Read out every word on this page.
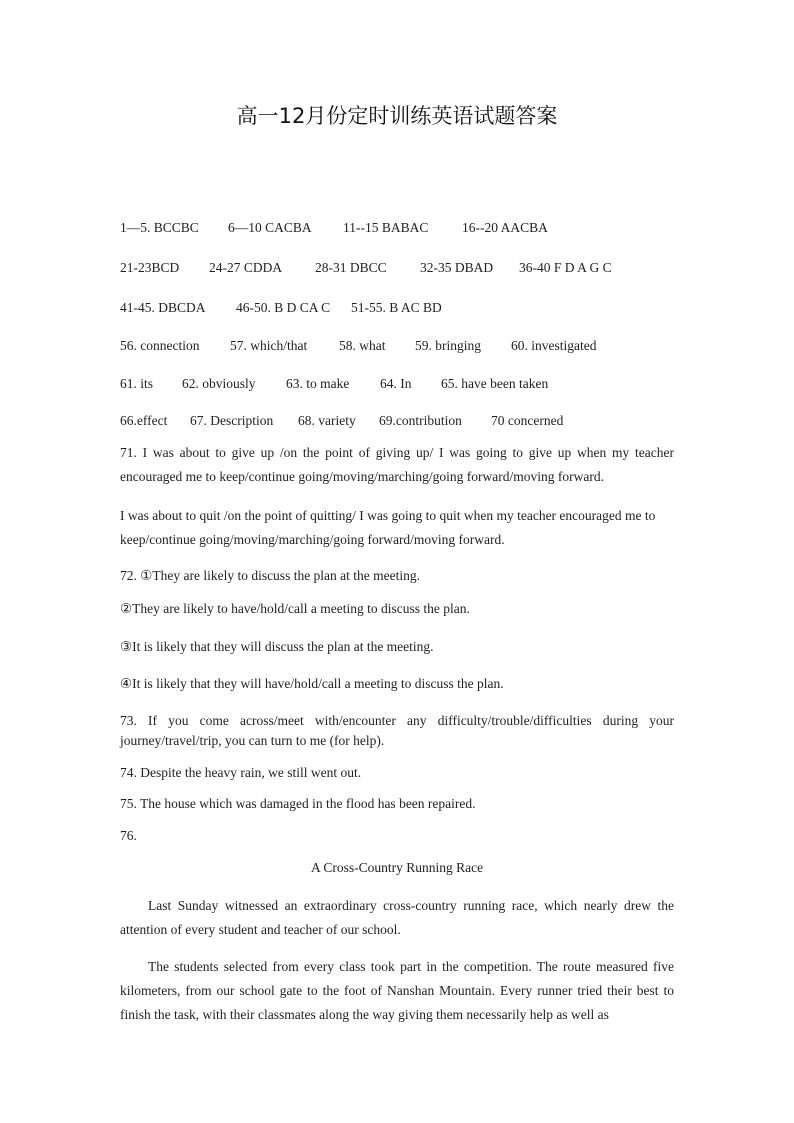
高一12月份定时训练英语试题答案
1—5. BCCBC 6—10 CACBA 11--15 BABAC 16--20 AACBA
21-23BCD 24-27 CDDA 28-31 DBCC 32-35 DBAD 36-40 F D A G C
41-45. DBCDA 46-50. B D CA C 51-55. B AC BD
56. connection 57. which/that 58. what 59. bringing 60. investigated
61. its 62. obviously 63. to make 64. In 65. have been taken
66.effect 67. Description 68. variety 69.contribution 70 concerned
71. I was about to give up /on the point of giving up/ I was going to give up when my teacher encouraged me to keep/continue going/moving/marching/going forward/moving forward.
I was about to quit /on the point of quitting/ I was going to quit when my teacher encouraged me to keep/continue going/moving/marching/going forward/moving forward.
72. ①They are likely to discuss the plan at the meeting.
②They are likely to have/hold/call a meeting to discuss the plan.
③It is likely that they will discuss the plan at the meeting.
④It is likely that they will have/hold/call a meeting to discuss the plan.
73. If you come across/meet with/encounter any difficulty/trouble/difficulties during your journey/travel/trip, you can turn to me (for help).
74. Despite the heavy rain, we still went out.
75. The house which was damaged in the flood has been repaired.
76.
A Cross-Country Running Race
Last Sunday witnessed an extraordinary cross-country running race, which nearly drew the attention of every student and teacher of our school.
The students selected from every class took part in the competition. The route measured five kilometers, from our school gate to the foot of Nanshan Mountain. Every runner tried their best to finish the task, with their classmates along the way giving them necessarily help as well as
